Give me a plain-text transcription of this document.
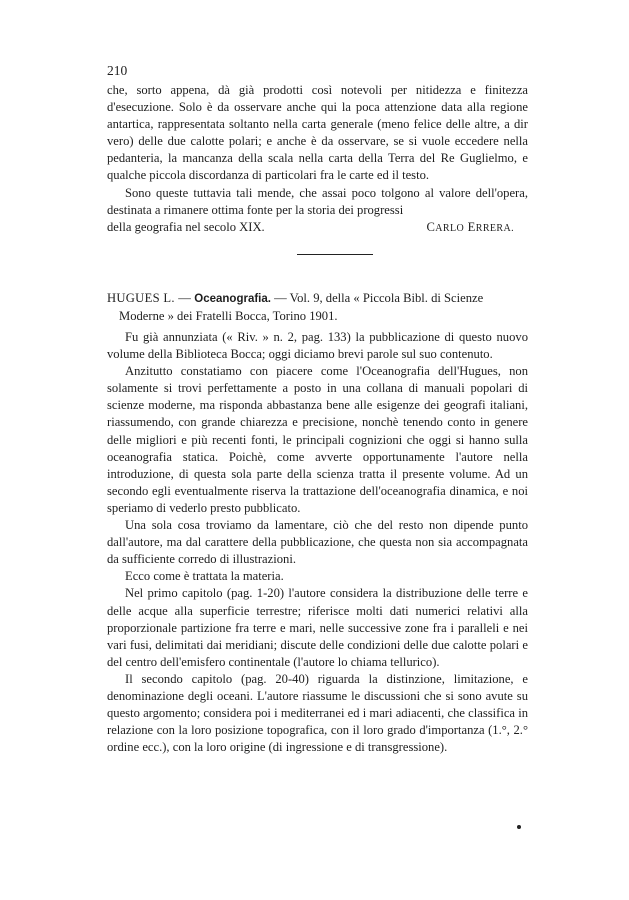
210

che, sorto appena, dà già prodotti così notevoli per nitidezza e finitezza d'esecuzione. Solo è da osservare anche qui la poca attenzione data alla regione antartica, rappresentata soltanto nella carta generale (meno felice delle altre, a dir vero) delle due calotte polari; e anche è da osservare, se si vuole eccedere nella pedanteria, la mancanza della scala nella carta della Terra del Re Guglielmo, e qualche piccola discordanza di particolari fra le carte ed il testo.

Sono queste tuttavia tali mende, che assai poco tolgono al valore dell'opera, destinata a rimanere ottima fonte per la storia dei progressi

della geografia nel secolo XIX.	CARLO ERRERA.
HUGUES L. — Oceanografia. — Vol. 9, della « Piccola Bibl. di Scienze
Moderne » dei Fratelli Bocca, Torino 1901.

Fu già annunziata (« Riv. » n. 2, pag. 133) la pubblicazione di questo nuovo volume della Biblioteca Bocca; oggi diciamo brevi parole sul suo contenuto.

Anzitutto constatiamo con piacere come l'Oceanografia dell'Hugues, non solamente si trovi perfettamente a posto in una collana di manuali popolari di scienze moderne, ma risponda abbastanza bene alle esigenze dei geografi italiani, riassumendo, con grande chiarezza e precisione, nonchè tenendo conto in genere delle migliori e più recenti fonti, le principali cognizioni che oggi si hanno sulla oceanografia statica. Poichè, come avverte opportunamente l'autore nella introduzione, di questa sola parte della scienza tratta il presente volume. Ad un secondo egli eventualmente riserva la trattazione dell'oceanografia dinamica, e noi speriamo di vederlo presto pubblicato.

Una sola cosa troviamo da lamentare, ciò che del resto non dipende punto dall'autore, ma dal carattere della pubblicazione, che questa non sia accompagnata da sufficiente corredo di illustrazioni.

Ecco come è trattata la materia.

Nel primo capitolo (pag. 1-20) l'autore considera la distribuzione delle terre e delle acque alla superficie terrestre; riferisce molti dati numerici relativi alla proporzionale partizione fra terre e mari, nelle successive zone fra i paralleli e nei vari fusi, delimitati dai meridiani; discute delle condizioni delle due calotte polari e del centro dell'emisfero continentale (l'autore lo chiama tellurico).

Il secondo capitolo (pag. 20-40) riguarda la distinzione, limitazione, e denominazione degli oceani. L'autore riassume le discussioni che si sono avute su questo argomento; considera poi i mediterranei ed i mari adiacenti, che classifica in relazione con la loro posizione topografica, con il loro grado d'importanza (1.°, 2.° ordine ecc.), con la loro origine (di ingressione e di transgressione).
